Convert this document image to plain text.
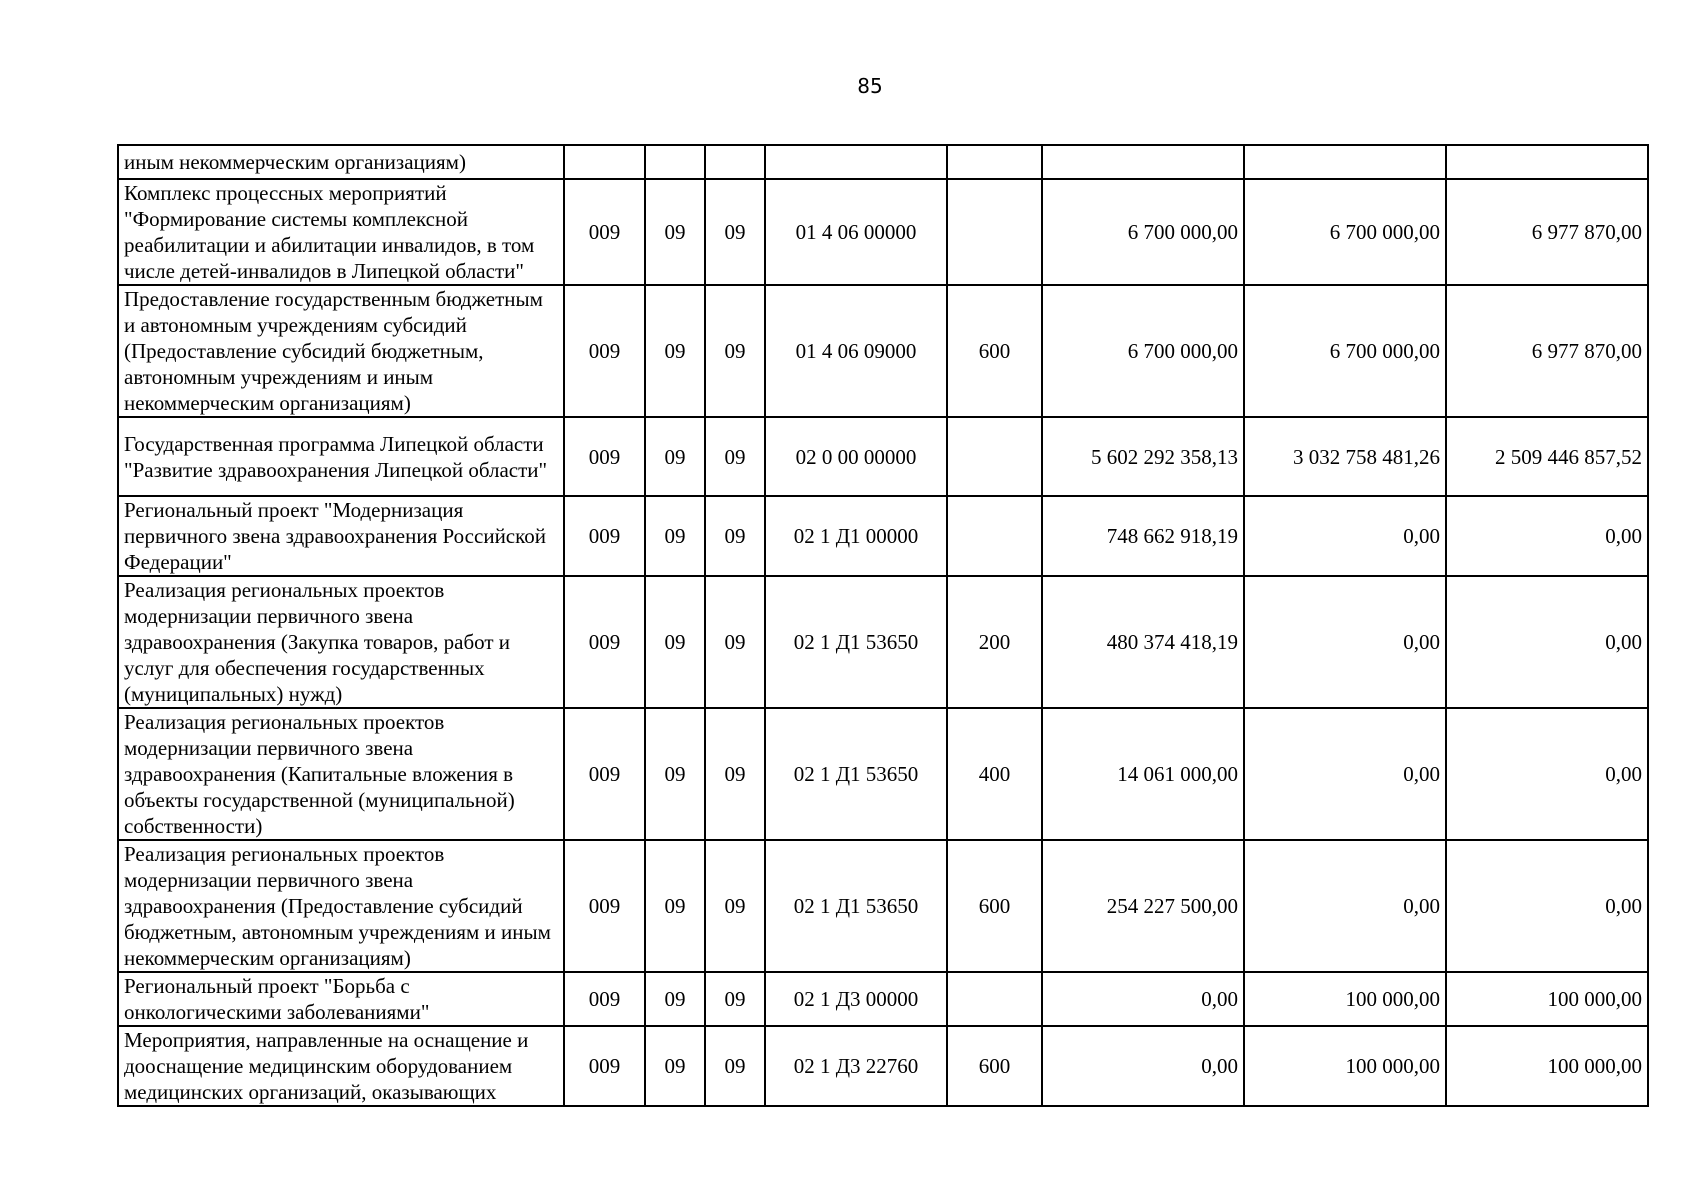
85
иным некоммерческим организациям)								
Комплекс процессных мероприятий "Формирование системы комплексной реабилитации и абилитации инвалидов, в том числе детей-инвалидов в Липецкой области"	009	09	09	01 4 06 00000		6 700 000,00	6 700 000,00	6 977 870,00
Предоставление государственным бюджетным и автономным учреждениям субсидий (Предоставление субсидий бюджетным, автономным учреждениям и иным некоммерческим организациям)	009	09	09	01 4 06 09000	600	6 700 000,00	6 700 000,00	6 977 870,00
Государственная программа Липецкой области "Развитие здравоохранения Липецкой области"	009	09	09	02 0 00 00000		5 602 292 358,13	3 032 758 481,26	2 509 446 857,52
Региональный проект "Модернизация первичного звена здравоохранения Российской Федерации"	009	09	09	02 1 Д1 00000		748 662 918,19	0,00	0,00
Реализация региональных проектов модернизации первичного звена здравоохранения (Закупка товаров, работ и услуг для обеспечения государственных (муниципальных) нужд)	009	09	09	02 1 Д1 53650	200	480 374 418,19	0,00	0,00
Реализация региональных проектов модернизации первичного звена здравоохранения (Капитальные вложения в объекты государственной (муниципальной) собственности)	009	09	09	02 1 Д1 53650	400	14 061 000,00	0,00	0,00
Реализация региональных проектов модернизации первичного звена здравоохранения (Предоставление субсидий бюджетным, автономным учреждениям и иным некоммерческим организациям)	009	09	09	02 1 Д1 53650	600	254 227 500,00	0,00	0,00
Региональный проект "Борьба с онкологическими заболеваниями"	009	09	09	02 1 Д3 00000		0,00	100 000,00	100 000,00
Мероприятия, направленные на оснащение и дооснащение медицинским оборудованием медицинских организаций, оказывающих	009	09	09	02 1 Д3 22760	600	0,00	100 000,00	100 000,00
